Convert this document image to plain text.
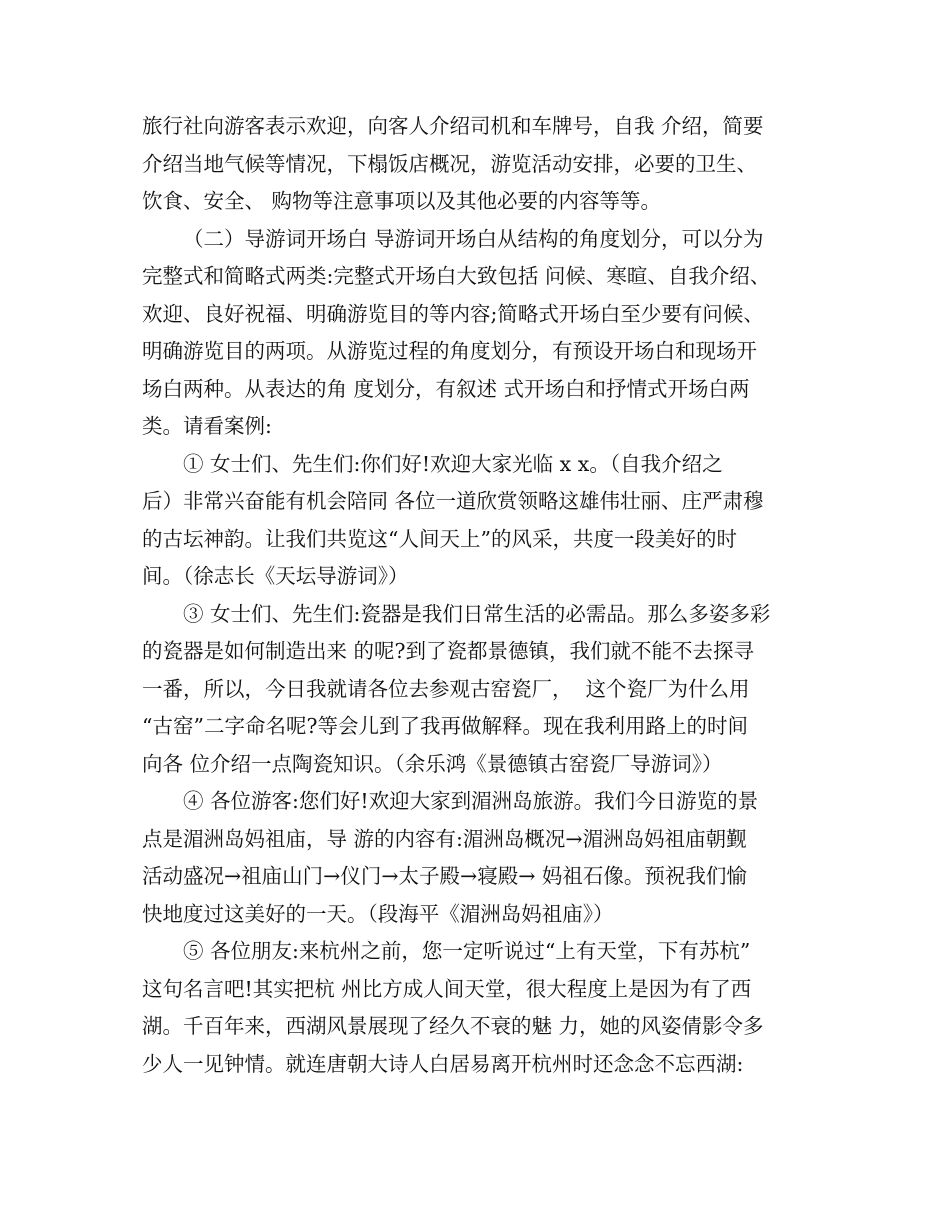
旅行社向游客表示欢迎，向客人介绍司机和车牌号，自我 介绍，简要
介绍当地气候等情况，下榻饭店概况，游览活动安排，必要的卫生、
饮食、安全、 购物等注意事项以及其他必要的内容等等。
（二）导游词开场白 导游词开场白从结构的角度划分，可以分为
完整式和简略式两类:完整式开场白大致包括 问候、寒暄、自我介绍、
欢迎、良好祝福、明确游览目的等内容;简略式开场白至少要有问候、
明确游览目的两项。从游览过程的角度划分，有预设开场白和现场开
场白两种。从表达的角 度划分，有叙述 式开场白和抒情式开场白两
类。请看案例:
① 女士们、先生们:你们好!欢迎大家光临 x x。（自我介绍之
后）非常兴奋能有机会陪同 各位一道欣赏领略这雄伟壮丽、庄严肃穆
的古坛神韵。让我们共览这“人间天上”的风采，共度一段美好的时
间。（徐志长《天坛导游词》）
③ 女士们、先生们:瓷器是我们日常生活的必需品。那么多姿多彩
的瓷器是如何制造出来 的呢?到了瓷都景德镇，我们就不能不去探寻
一番，所以，今日我就请各位去参观古窑瓷厂，  这个瓷厂为什么用
“古窑”二字命名呢?等会儿到了我再做解释。现在我利用路上的时间
向各 位介绍一点陶瓷知识。（余乐鸿《景德镇古窑瓷厂导游词》）
④ 各位游客:您们好!欢迎大家到湄洲岛旅游。我们今日游览的景
点是湄洲岛妈祖庙，导 游的内容有:湄洲岛概况→湄洲岛妈祖庙朝觐
活动盛况→祖庙山门→仪门→太子殿→寝殿→ 妈祖石像。预祝我们愉
快地度过这美好的一天。（段海平《湄洲岛妈祖庙》）
⑤ 各位朋友:来杭州之前，您一定听说过“上有天堂，下有苏杭”
这句名言吧!其实把杭 州比方成人间天堂，很大程度上是因为有了西
湖。千百年来，西湖风景展现了经久不衰的魅 力，她的风姿倩影令多
少人一见钟情。就连唐朝大诗人白居易离开杭州时还念念不忘西湖:
